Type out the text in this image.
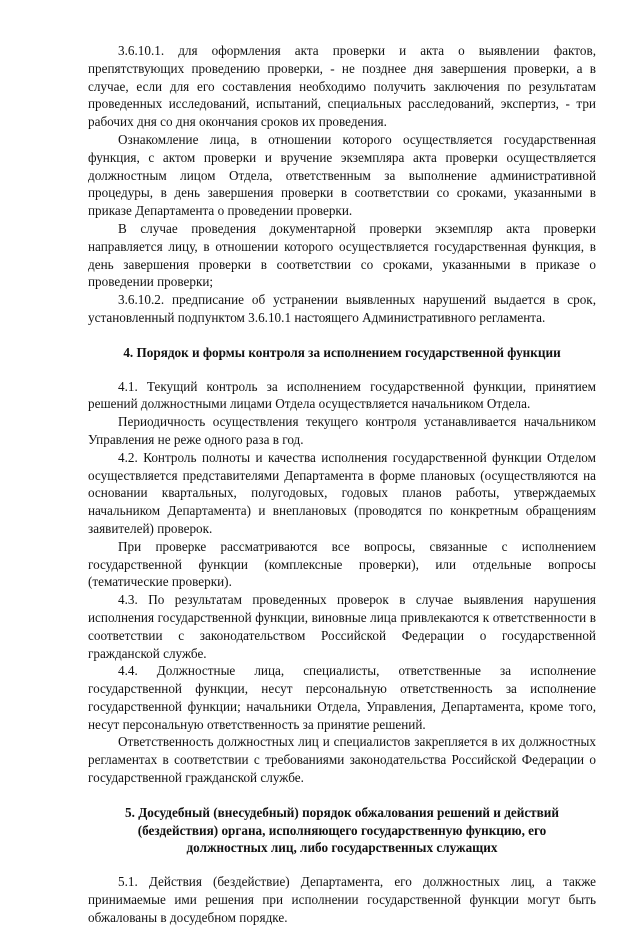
3.6.10.1. для оформления акта проверки и акта о выявлении фактов, препятствующих проведению проверки, - не позднее дня завершения проверки, а в случае, если для его составления необходимо получить заключения по результатам проведенных исследований, испытаний, специальных расследований, экспертиз, - три рабочих дня со дня окончания сроков их проведения.

Ознакомление лица, в отношении которого осуществляется государственная функция, с актом проверки и вручение экземпляра акта проверки осуществляется должностным лицом Отдела, ответственным за выполнение административной процедуры, в день завершения проверки в соответствии со сроками, указанными в приказе Департамента о проведении проверки.

В случае проведения документарной проверки экземпляр акта проверки направляется лицу, в отношении которого осуществляется государственная функция, в день завершения проверки в соответствии со сроками, указанными в приказе о проведении проверки;

3.6.10.2. предписание об устранении выявленных нарушений выдается в срок, установленный подпунктом 3.6.10.1 настоящего Административного регламента.

4. Порядок и формы контроля за исполнением государственной функции

4.1. Текущий контроль за исполнением государственной функции, принятием решений должностными лицами Отдела осуществляется начальником Отдела.

Периодичность осуществления текущего контроля устанавливается начальником Управления не реже одного раза в год.

4.2. Контроль полноты и качества исполнения государственной функции Отделом осуществляется представителями Департамента в форме плановых (осуществляются на основании квартальных, полугодовых, годовых планов работы, утверждаемых начальником Департамента) и внеплановых (проводятся по конкретным обращениям заявителей) проверок.

При проверке рассматриваются все вопросы, связанные с исполнением государственной функции (комплексные проверки), или отдельные вопросы (тематические проверки).

4.3. По результатам проведенных проверок в случае выявления нарушения исполнения государственной функции, виновные лица привлекаются к ответственности в соответствии с законодательством Российской Федерации о государственной гражданской службе.

4.4. Должностные лица, специалисты, ответственные за исполнение государственной функции, несут персональную ответственность за исполнение государственной функции; начальники Отдела, Управления, Департамента, кроме того, несут персональную ответственность за принятие решений.

Ответственность должностных лиц и специалистов закрепляется в их должностных регламентах в соответствии с требованиями законодательства Российской Федерации о государственной гражданской службе.

5. Досудебный (внесудебный) порядок обжалования решений и действий

(бездействия) органа, исполняющего государственную функцию, его

должностных лиц, либо государственных служащих

5.1. Действия (бездействие) Департамента, его должностных лиц, а также принимаемые ими решения при исполнении государственной функции могут быть обжалованы в досудебном порядке.
